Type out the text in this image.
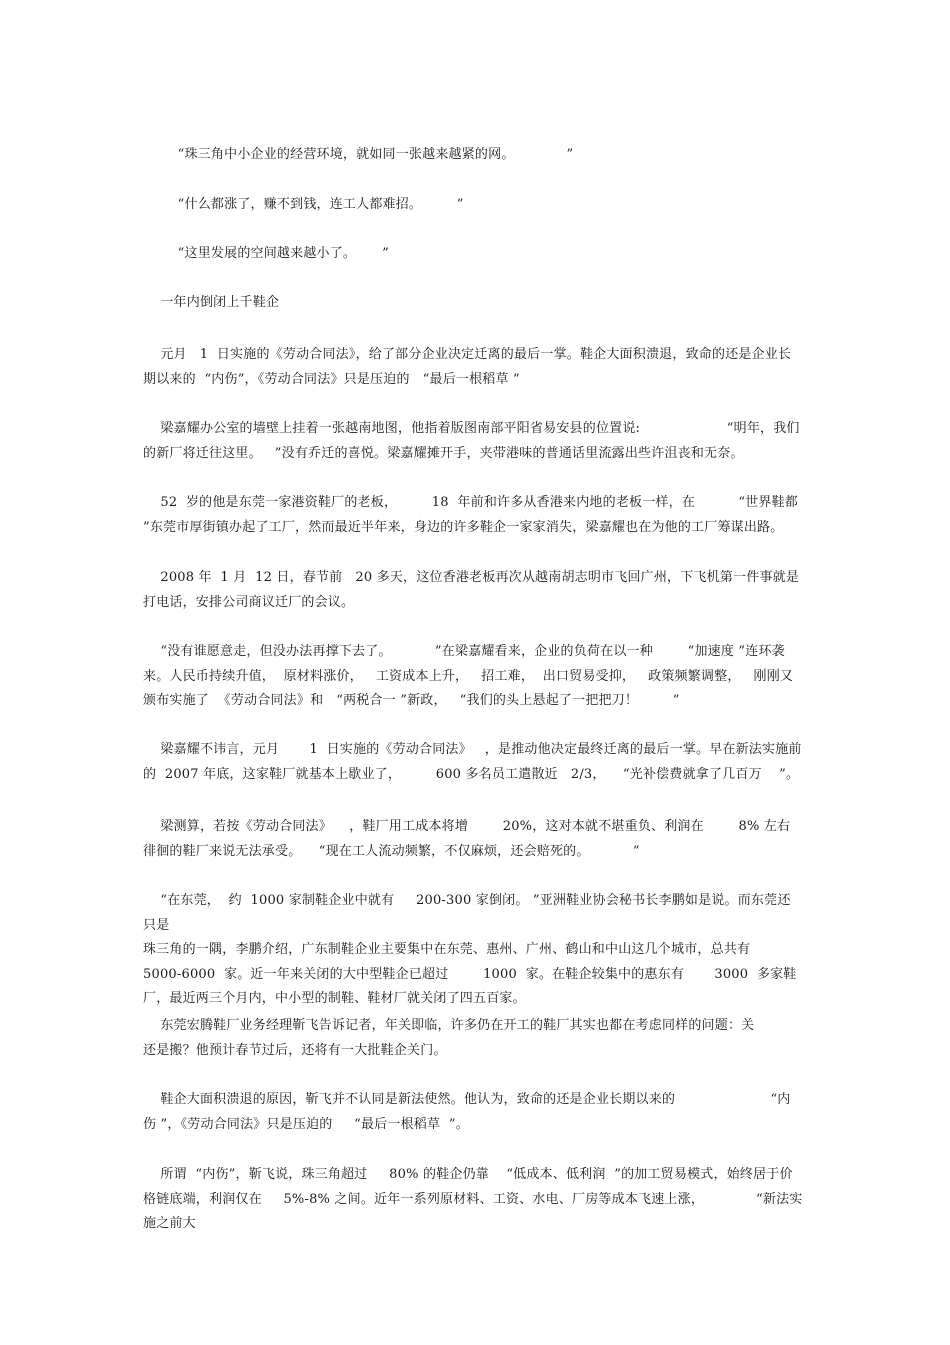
“珠三角中小企业的经营环境，就如同一张越来越紧的网。            ”

“什么都涨了，赚不到钱，连工人都难招。        ”

“这里发展的空间越来越小了。      ”

一年内倒闭上千鞋企

元月   1  日实施的《劳动合同法》，给了部分企业决定迁离的最后一掌。鞋企大面积溃退，致命的还是企业长期以来的  “内伤”，《劳动合同法》只是压迫的   “最后一根稻草 ”

梁嘉耀办公室的墙壁上挂着一张越南地图，他指着版图南部平阳省易安县的位置说:                    “明年，我们的新厂将迁往这里。   ”没有乔迁的喜悦。梁嘉耀摊开手，夹带港味的普通话里流露出些许沮丧和无奈。

52  岁的他是东莞一家港资鞋厂的老板，        18  年前和许多从香港来内地的老板一样，在          “世界鞋都 ”东莞市厚街镇办起了工厂，然而最近半年来，身边的许多鞋企一家家消失，梁嘉耀也在为他的工厂筹谋出路。

2008 年  1 月  12 日，春节前   20 多天，这位香港老板再次从越南胡志明市飞回广州，下飞机第一件事就是
打电话，安排公司商议迁厂的会议。

“没有谁愿意走，但没办法再撑下去了。          ”在梁嘉耀看来，企业的负荷在以一种        “加速度 ”连环袭来。人民币持续升值，  原材料涨价，   工资成本上升，   招工难，  出口贸易受抑，   政策频繁调整，   刚刚又颁布实施了  《劳动合同法》和   “两税合一 ”新政，   “我们的头上悬起了一把把刀！        ”

梁嘉耀不讳言，元月       1  日实施的《劳动合同法》   ，是推动他决定最终迁离的最后一掌。早在新法实施前
的  2007 年底，这家鞋厂就基本上歇业了，        600 多名员工遣散近   2/3，    “光补偿费就拿了几百万    ”。

梁测算，若按《劳动合同法》    ，鞋厂用工成本将增        20%，这对本就不堪重负、利润在        8% 左右徘徊的鞋厂来说无法承受。    “现在工人流动频繁，不仅麻烦，还会赔死的。          ”

“在东莞，  约  1000 家制鞋企业中就有     200-300 家倒闭。 ”亚洲鞋业协会秘书长李鹏如是说。而东莞还只是
珠三角的一隅，李鹏介绍，广东制鞋企业主要集中在东莞、惠州、广州、鹤山和中山这几个城市，总共有
5000-6000  家。近一年来关闭的大中型鞋企已超过        1000  家。在鞋企较集中的惠东有       3000  多家鞋厂，最近两三个月内，中小型的制鞋、鞋材厂就关闭了四五百家。

东莞宏腾鞋厂业务经理靳飞告诉记者，年关即临，许多仍在开工的鞋厂其实也都在考虑同样的问题：关
还是搬？他预计春节过后，还将有一大批鞋企关门。

鞋企大面积溃退的原因，靳飞并不认同是新法使然。他认为，致命的还是企业长期以来的                      “内伤 ”，《劳动合同法》只是压迫的     “最后一根稻草  ”。

所谓  “内伤”，靳飞说，珠三角超过     80% 的鞋企仍靠    “低成本、低利润  ”的加工贸易模式，始终居于价格链底端，利润仅在     5%-8% 之间。近年一系列原材料、工资、水电、厂房等成本飞速上涨，            “新法实施之前大
